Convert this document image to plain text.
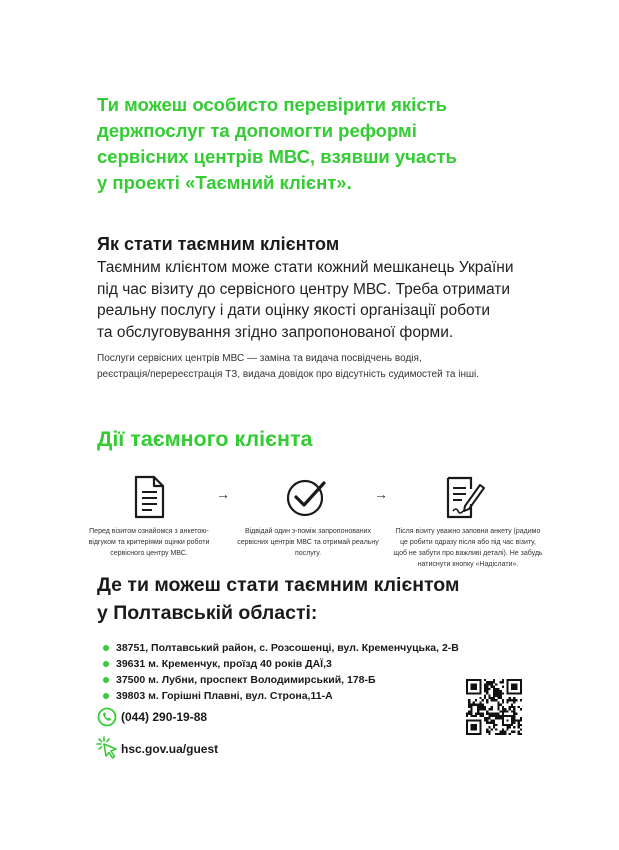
Ти можеш особисто перевірити якість
держпослуг та допомогти реформі
сервісних центрів МВС, взявши участь
у проекті «Таємний клієнт».
Як стати таємним клієнтом
Таємним клієнтом може стати кожний мешканець України
під час візиту до сервісного центру МВС. Треба отримати
реальну послугу і дати оцінку якості організації роботи
та обслуговування згідно запропонованої форми.
Послуги сервісних центрів МВС — заміна та видача посвідчень водія,
реєстрація/перереєстрація ТЗ, видача довідок про відсутність судимостей та інші.
Дії таємного клієнта
→	→
Перед візитом ознайомся з анкетою-
відгуком та критеріями оцінки роботи
сервісного центру МВС.
Відвідай один з-поміж запропонованих
сервісних центрів МВС та отримай реальну
послугу.
Після візиту уважно заповни анкету (радимо
це робити одразу після або під час візиту,
щоб не забути про важливі деталі). Не забудь
натиснути кнопку «Надіслати».
Де ти можеш стати таємним клієнтом
у Полтавській області:
38751, Полтавський район, с. Розсошенці, вул. Кременчуцька, 2-В
39631 м. Кременчук, проїзд 40 років ДАЇ,3
37500 м. Лубни, проспект Володимирський, 178-Б
39803 м. Горішні Плавні, вул. Строна,11-А
(044) 290-19-88
hsc.gov.ua/guest
